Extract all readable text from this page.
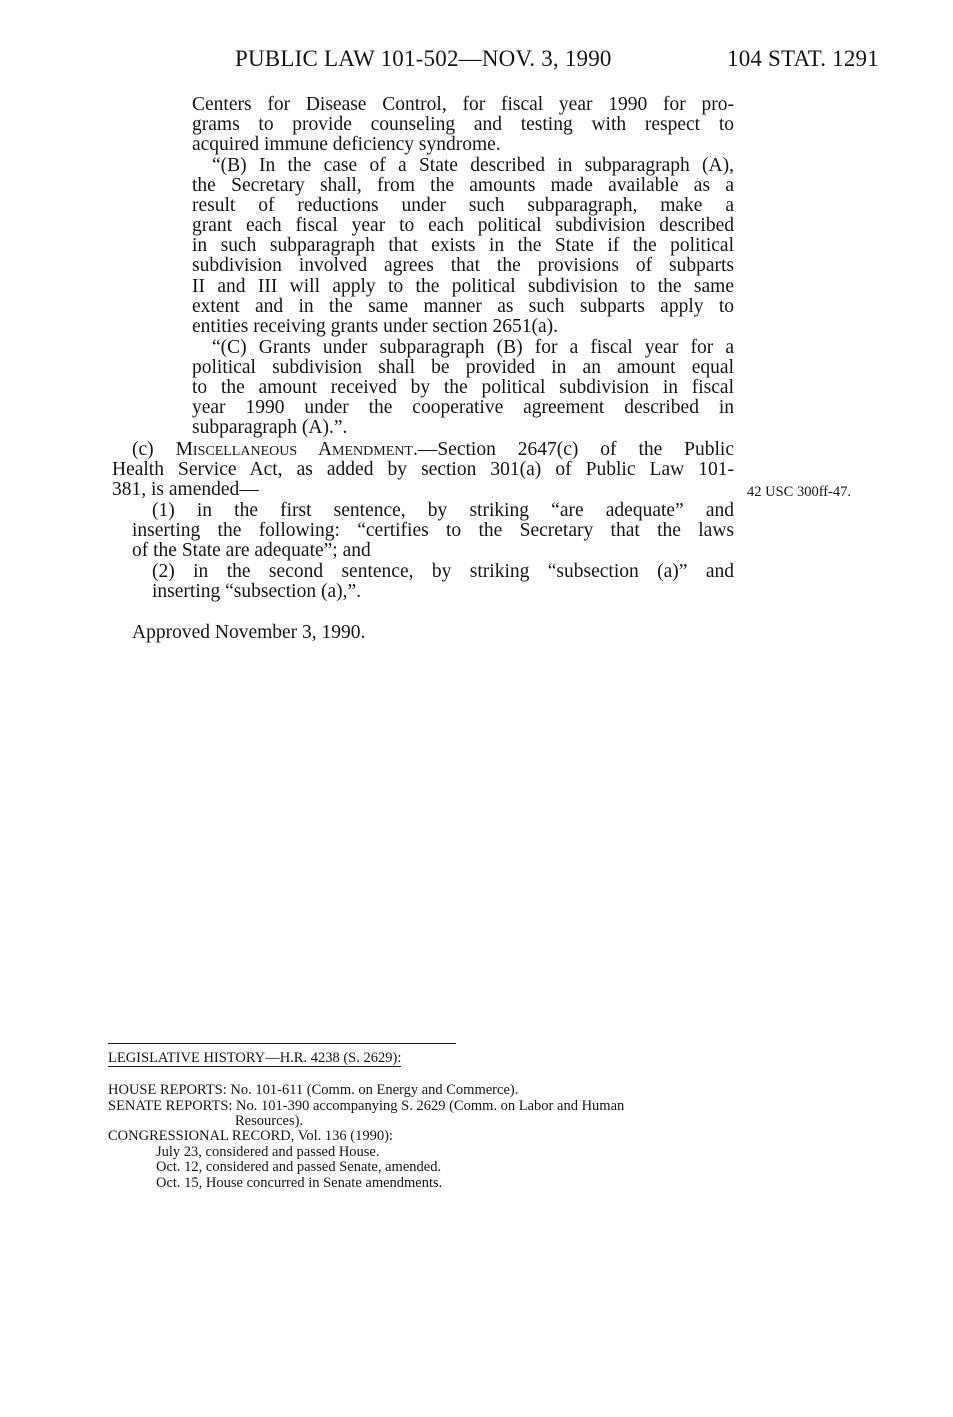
PUBLIC LAW 101-502—NOV. 3, 1990	104 STAT. 1291
Centers for Disease Control, for fiscal year 1990 for pro-
grams to provide counseling and testing with respect to
acquired immune deficiency syndrome.
“(B) In the case of a State described in subparagraph (A),
the Secretary shall, from the amounts made available as a
result of reductions under such subparagraph, make a
grant each fiscal year to each political subdivision described
in such subparagraph that exists in the State if the political
subdivision involved agrees that the provisions of subparts
II and III will apply to the political subdivision to the same
extent and in the same manner as such subparts apply to
entities receiving grants under section 2651(a).
“(C) Grants under subparagraph (B) for a fiscal year for a
political subdivision shall be provided in an amount equal
to the amount received by the political subdivision in fiscal
year 1990 under the cooperative agreement described in
subparagraph (A).”.
(c) Miscellaneous Amendment.—Section 2647(c) of the Public
Health Service Act, as added by section 301(a) of Public Law 101-
381, is amended—	42 USC 300ff-47.
(1) in the first sentence, by striking “are adequate” and
inserting the following: “certifies to the Secretary that the laws
of the State are adequate”; and
(2) in the second sentence, by striking “subsection (a)” and
inserting “subsection (a),”.
Approved November 3, 1990.
LEGISLATIVE HISTORY—H.R. 4238 (S. 2629):
HOUSE REPORTS: No. 101-611 (Comm. on Energy and Commerce).
SENATE REPORTS: No. 101-390 accompanying S. 2629 (Comm. on Labor and Human
Resources).
CONGRESSIONAL RECORD, Vol. 136 (1990):
July 23, considered and passed House.
Oct. 12, considered and passed Senate, amended.
Oct. 15, House concurred in Senate amendments.
